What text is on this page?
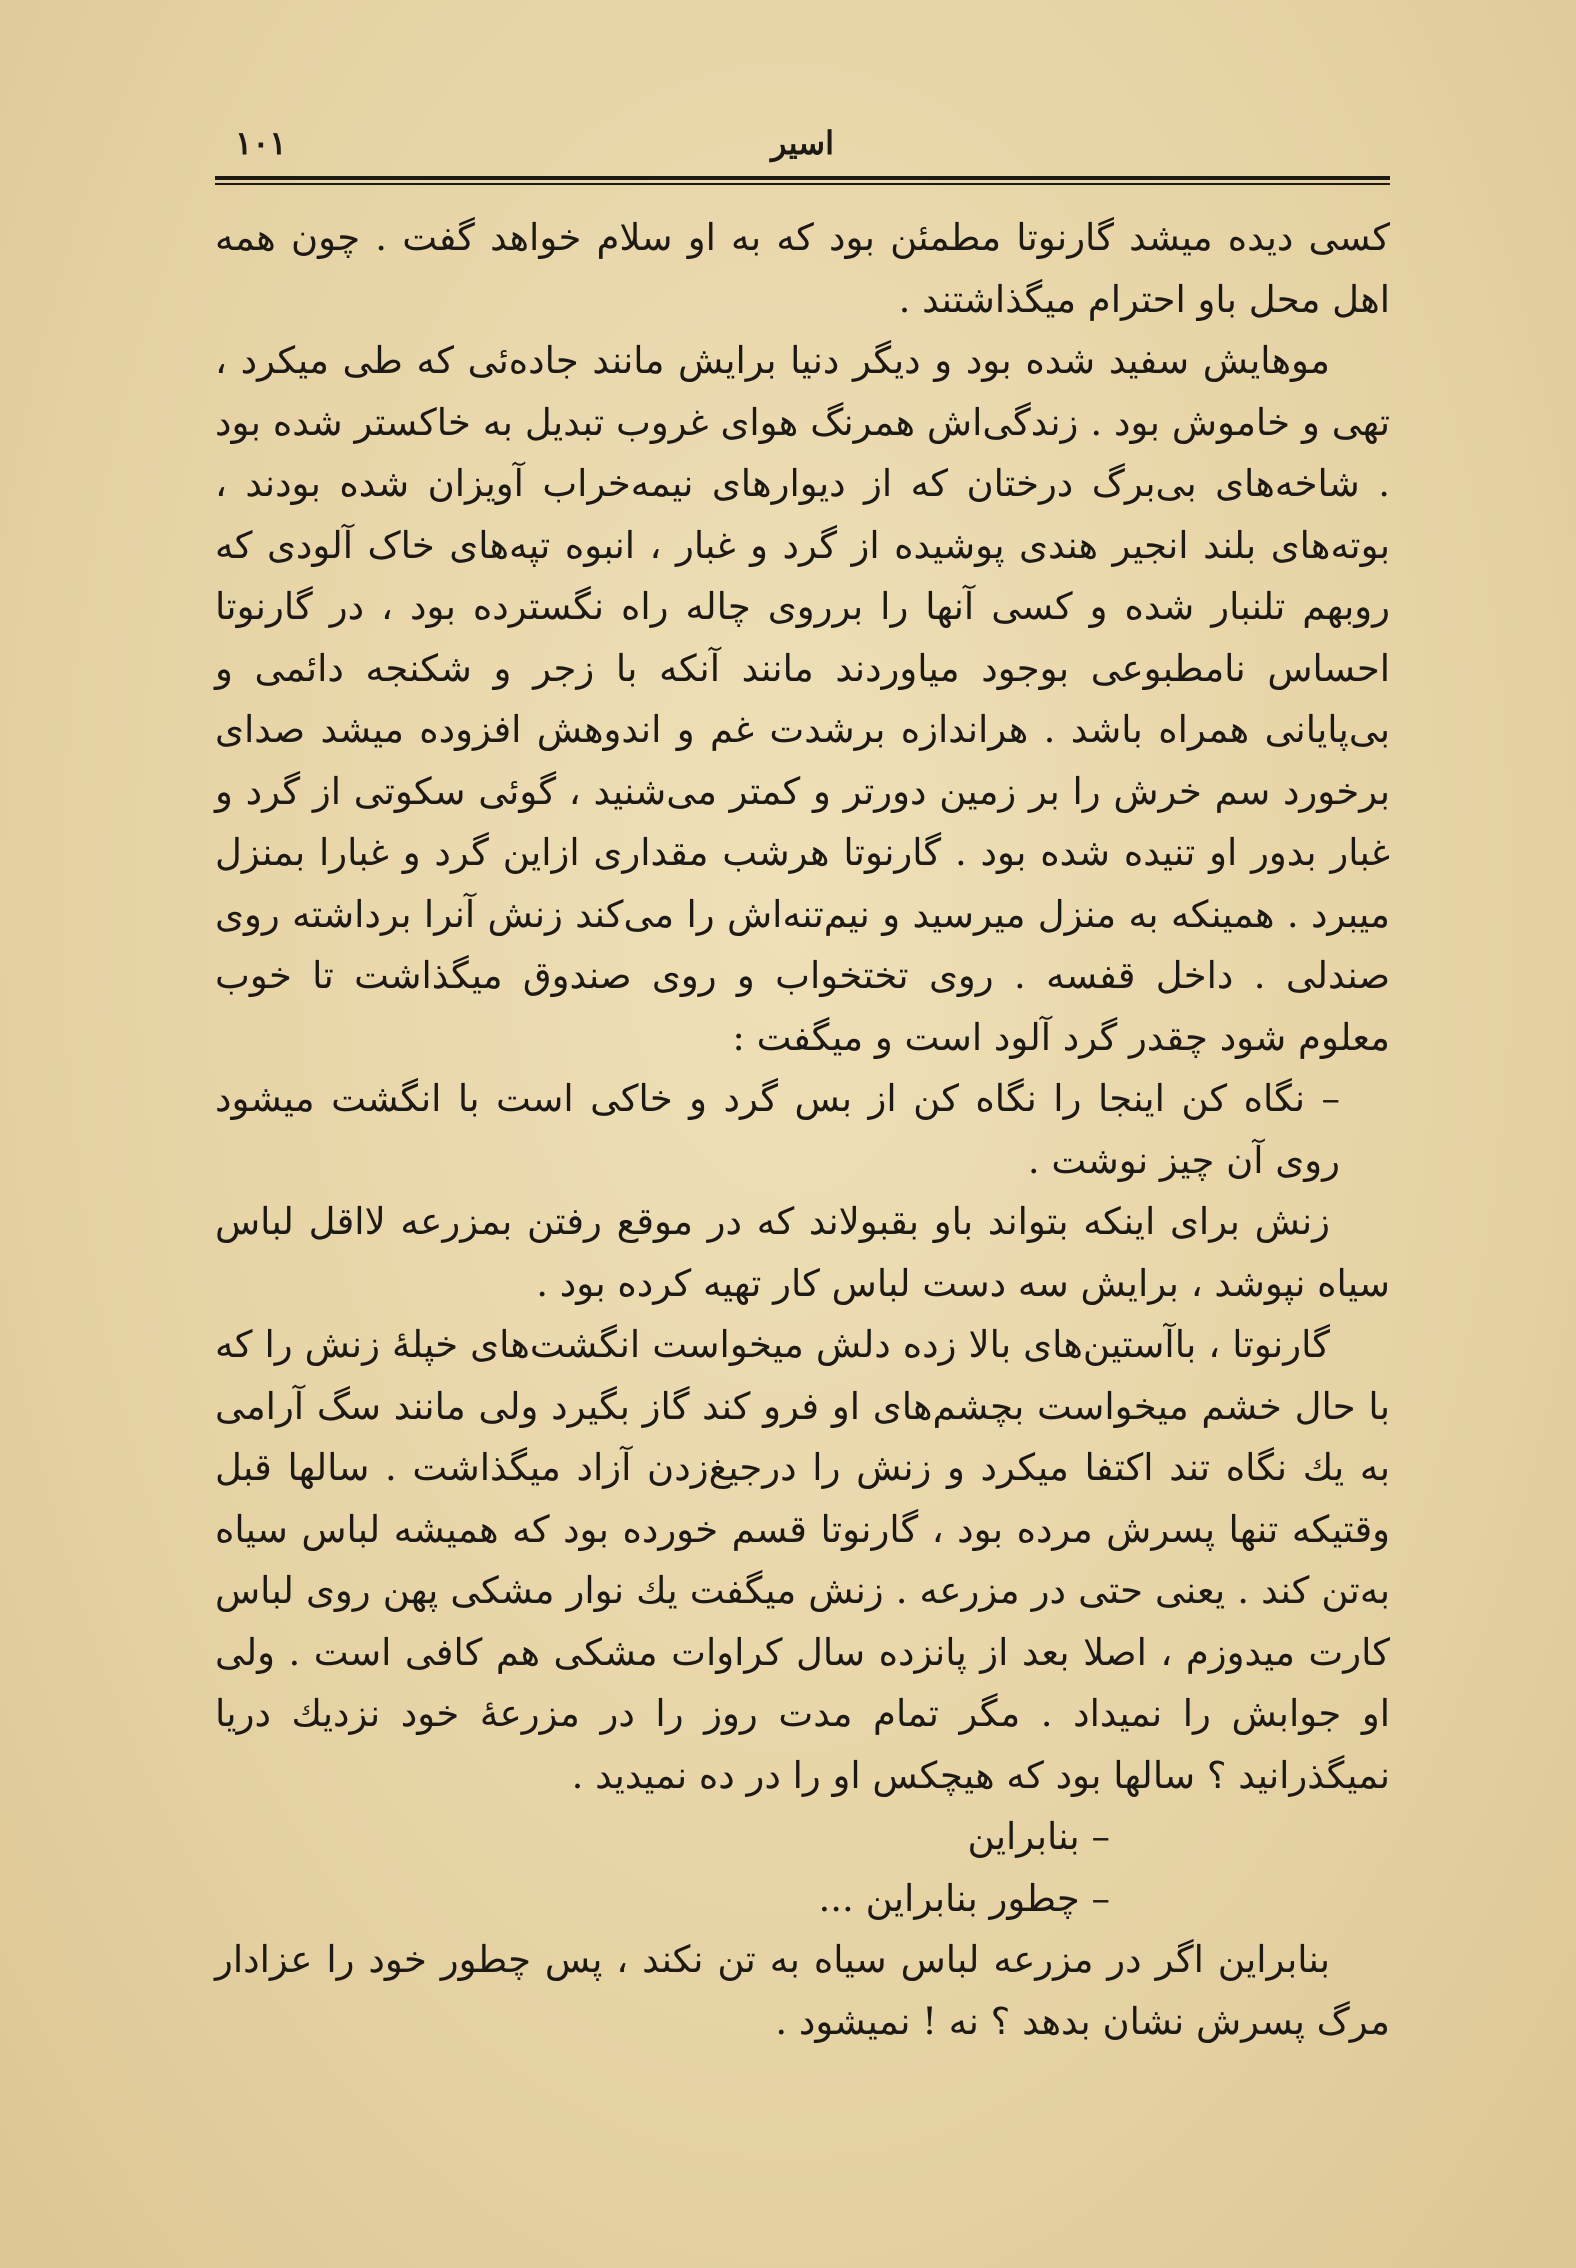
اسیر
۱۰۱

کسی دیده میشد گارنوتا مطمئن بود که به او سلام خواهد گفت . چون همه اهل محل باو احترام میگذاشتند .

موهایش سفید شده بود و دیگر دنیا برایش مانند جاده‌ئی که طی میکرد ، تهی و خاموش بود . زندگی‌اش همرنگ هوای غروب تبدیل به خاکستر شده بود . شاخه‌های بی‌برگ درختان که از دیوارهای نیمه‌خراب آویزان شده بودند ، بوته‌های بلند انجیر هندی پوشیده از گرد و غبار ، انبوه تپه‌های خاک آلودی که روبهم تلنبار شده و کسی آنها را برروی چاله راه نگسترده بود ، در گارنوتا احساس نامطبوعی بوجود میاوردند مانند آنکه با زجر و شکنجه دائمی و بی‌پایانی همراه باشد . هراندازه برشدت غم و اندوهش افزوده میشد صدای برخورد سم خرش را بر زمین دورتر و کمتر می‌شنید ، گوئی سکوتی از گرد و غبار بدور او تنیده شده بود . گارنوتا هرشب مقداری ازاین گرد و غبارا بمنزل میبرد . همینکه به منزل میرسید و نیم‌تنه‌اش را می‌کند زنش آنرا برداشته روی صندلی . داخل قفسه . روی تختخواب و روی صندوق میگذاشت تا خوب معلوم شود چقدر گرد آلود است و میگفت :

– نگاه کن اینجا را نگاه کن از بس گرد و خاکی است با انگشت میشود روی آن چیز نوشت .

زنش برای اینکه بتواند باو بقبولاند که در موقع رفتن بمزرعه لااقل لباس سیاه نپوشد ، برایش سه دست لباس کار تهیه کرده بود .

گارنوتا ، باآستین‌های بالا زده دلش میخواست انگشت‌های خپلهٔ زنش را که با حال خشم میخواست بچشم‌های او فرو کند گاز بگیرد ولی مانند سگ آرامی به یك نگاه تند اکتفا میکرد و زنش را درجیغ‌زدن آزاد میگذاشت . سالها قبل وقتیکه تنها پسرش مرده بود ، گارنوتا قسم خورده بود که همیشه لباس سیاه به‌تن کند . یعنی حتی در مزرعه . زنش میگفت یك نوار مشکی پهن روی لباس کارت میدوزم ، اصلا بعد از پانزده سال کراوات مشکی هم کافی است . ولی او جوابش را نمیداد . مگر تمام مدت روز را در مزرعهٔ خود نزدیك دریا نمیگذرانید ؟ سالها بود که هیچکس او را در ده نمیدید .

– بنابراین

– چطور بنابراین ...

بنابراین اگر در مزرعه لباس سیاه به تن نکند ، پس چطور خود را عزادار مرگ پسرش نشان بدهد ؟ نه ! نمیشود .
